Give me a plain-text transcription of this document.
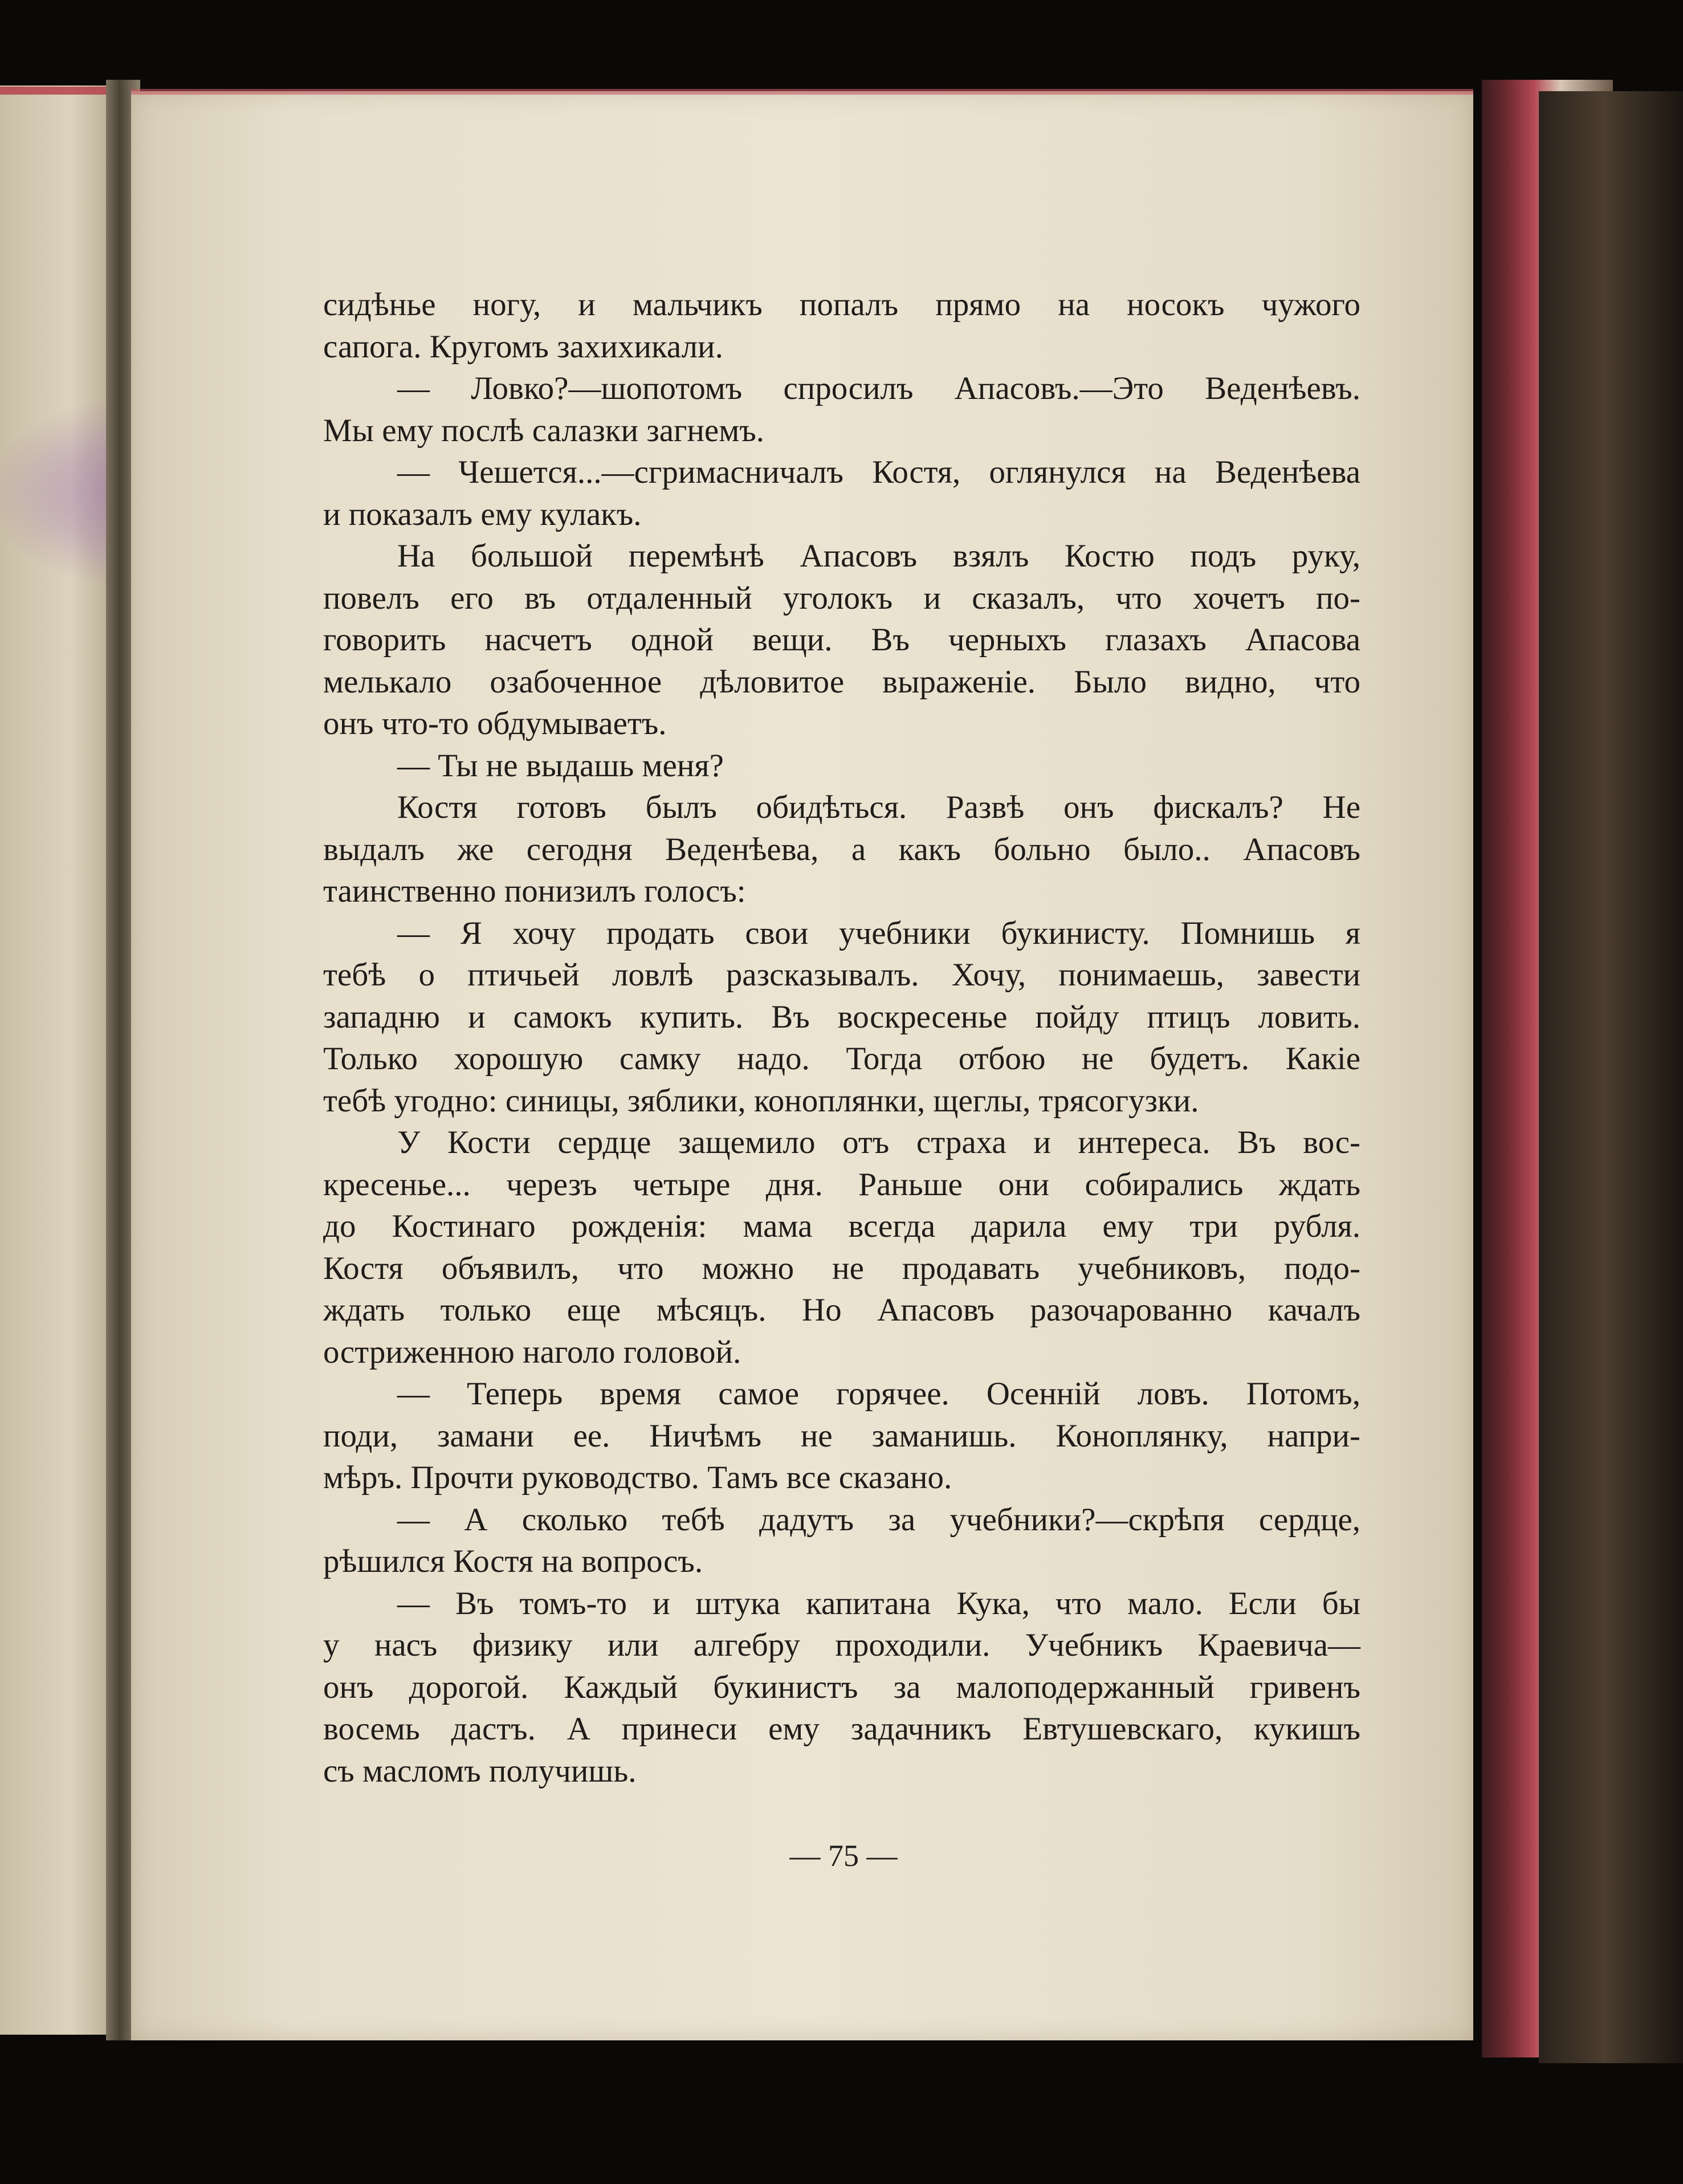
сидѣнье ногу, и мальчикъ попалъ прямо на носокъ чужого
сапога. Кругомъ захихикали.
— Ловко?—шопотомъ спросилъ Апасовъ.—Это Веденѣевъ.
Мы ему послѣ салазки загнемъ.
— Чешется...—сгримасничалъ Костя, оглянулся на Веденѣева
и показалъ ему кулакъ.
На большой перемѣнѣ Апасовъ взялъ Костю подъ руку,
повелъ его въ отдаленный уголокъ и сказалъ, что хочетъ по-
говорить насчетъ одной вещи. Въ черныхъ глазахъ Апасова
мелькало озабоченное дѣловитое выраженіе. Было видно, что
онъ что-то обдумываетъ.
— Ты не выдашь меня?
Костя готовъ былъ обидѣться. Развѣ онъ фискалъ? Не
выдалъ же сегодня Веденѣева, а какъ больно было.. Апасовъ
таинственно понизилъ голосъ:
— Я хочу продать свои учебники букинисту. Помнишь я
тебѣ о птичьей ловлѣ разсказывалъ. Хочу, понимаешь, завести
западню и самокъ купить. Въ воскресенье пойду птицъ ловить.
Только хорошую самку надо. Тогда отбою не будетъ. Какіе
тебѣ угодно: синицы, зяблики, коноплянки, щеглы, трясогузки.
У Кости сердце защемило отъ страха и интереса. Въ вос-
кресенье... черезъ четыре дня. Раньше они собирались ждать
до Костинаго рожденія: мама всегда дарила ему три рубля.
Костя объявилъ, что можно не продавать учебниковъ, подо-
ждать только еще мѣсяцъ. Но Апасовъ разочарованно качалъ
остриженною наголо головой.
— Теперь время самое горячее. Осенній ловъ. Потомъ,
поди, замани ее. Ничѣмъ не заманишь. Коноплянку, напри-
мѣръ. Прочти руководство. Тамъ все сказано.
— А сколько тебѣ дадутъ за учебники?—скрѣпя сердце,
рѣшился Костя на вопросъ.
— Въ томъ-то и штука капитана Кука, что мало. Если бы
у насъ физику или алгебру проходили. Учебникъ Краевича—
онъ дорогой. Каждый букинистъ за малоподержанный гривенъ
восемь дастъ. А принеси ему задачникъ Евтушевскаго, кукишъ
съ масломъ получишь.
— 75 —
